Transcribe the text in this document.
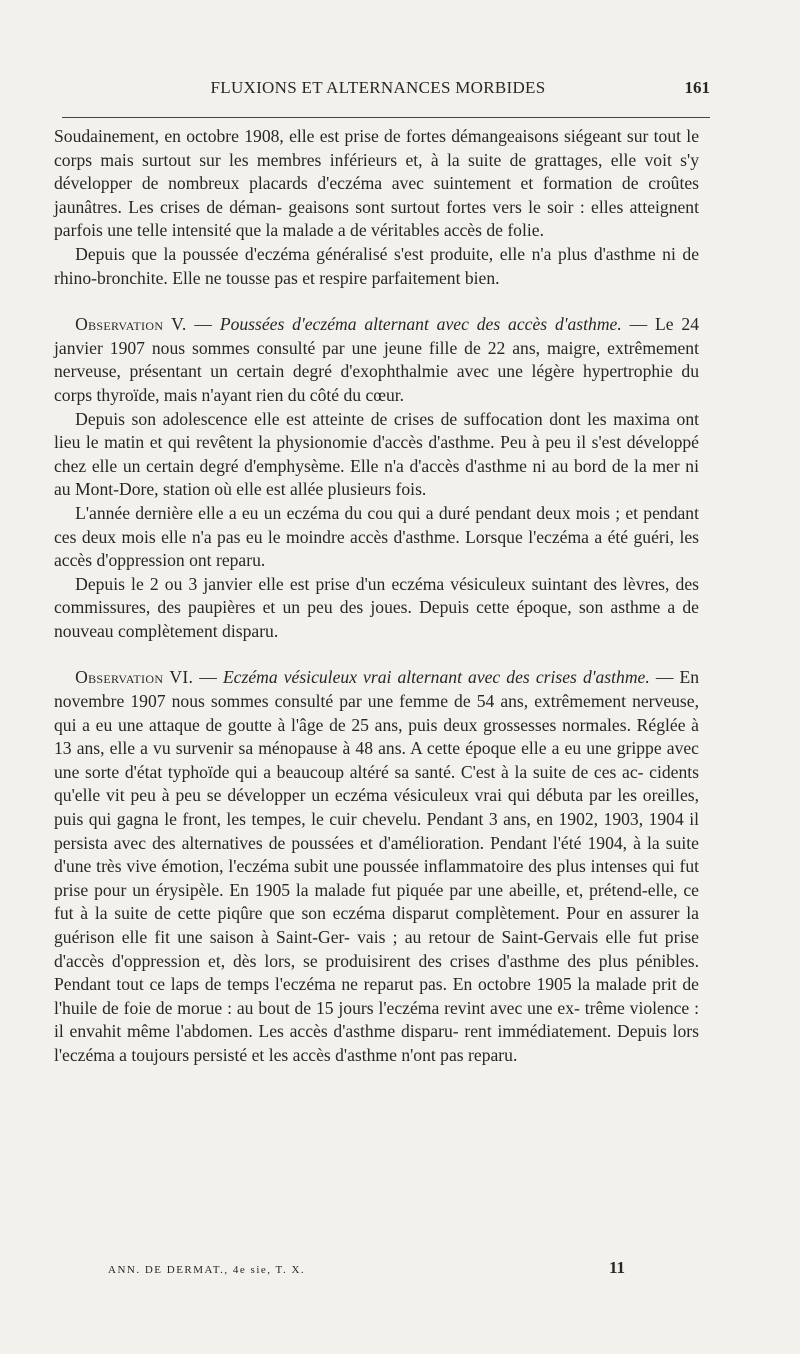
FLUXIONS ET ALTERNANCES MORBIDES	161

Soudainement, en octobre 1908, elle est prise de fortes démangeaisons siégeant sur tout le corps mais surtout sur les membres inférieurs et, à la suite de grattages, elle voit s'y développer de nombreux placards d'eczéma avec suintement et formation de croûtes jaunâtres. Les crises de déman- geaisons sont surtout fortes vers le soir : elles atteignent parfois une telle intensité que la malade a de véritables accès de folie.

Depuis que la poussée d'eczéma généralisé s'est produite, elle n'a plus d'asthme ni de rhino-bronchite. Elle ne tousse pas et respire parfaitement bien.

Observation V. — Poussées d'eczéma alternant avec des accès d'asthme. — Le 24 janvier 1907 nous sommes consulté par une jeune fille de 22 ans, maigre, extrêmement nerveuse, présentant un certain degré d'exophthalmie avec une légère hypertrophie du corps thyroïde, mais n'ayant rien du côté du cœur.

Depuis son adolescence elle est atteinte de crises de suffocation dont les maxima ont lieu le matin et qui revêtent la physionomie d'accès d'asthme. Peu à peu il s'est développé chez elle un certain degré d'emphysème. Elle n'a d'accès d'asthme ni au bord de la mer ni au Mont-Dore, station où elle est allée plusieurs fois.

L'année dernière elle a eu un eczéma du cou qui a duré pendant deux mois ; et pendant ces deux mois elle n'a pas eu le moindre accès d'asthme. Lorsque l'eczéma a été guéri, les accès d'oppression ont reparu.

Depuis le 2 ou 3 janvier elle est prise d'un eczéma vésiculeux suintant des lèvres, des commissures, des paupières et un peu des joues. Depuis cette époque, son asthme a de nouveau complètement disparu.

Observation VI. — Eczéma vésiculeux vrai alternant avec des crises d'asthme. — En novembre 1907 nous sommes consulté par une femme de 54 ans, extrêmement nerveuse, qui a eu une attaque de goutte à l'âge de 25 ans, puis deux grossesses normales. Réglée à 13 ans, elle a vu survenir sa ménopause à 48 ans. A cette époque elle a eu une grippe avec une sorte d'état typhoïde qui a beaucoup altéré sa santé. C'est à la suite de ces ac- cidents qu'elle vit peu à peu se développer un eczéma vésiculeux vrai qui débuta par les oreilles, puis qui gagna le front, les tempes, le cuir chevelu. Pendant 3 ans, en 1902, 1903, 1904 il persista avec des alternatives de poussées et d'amélioration. Pendant l'été 1904, à la suite d'une très vive émotion, l'eczéma subit une poussée inflammatoire des plus intenses qui fut prise pour un érysipèle. En 1905 la malade fut piquée par une abeille, et, prétend-elle, ce fut à la suite de cette piqûre que son eczéma disparut complètement. Pour en assurer la guérison elle fit une saison à Saint-Ger- vais ; au retour de Saint-Gervais elle fut prise d'accès d'oppression et, dès lors, se produisirent des crises d'asthme des plus pénibles. Pendant tout ce laps de temps l'eczéma ne reparut pas. En octobre 1905 la malade prit de l'huile de foie de morue : au bout de 15 jours l'eczéma revint avec une ex- trême violence : il envahit même l'abdomen. Les accès d'asthme disparu- rent immédiatement. Depuis lors l'eczéma a toujours persisté et les accès d'asthme n'ont pas reparu.

ANN. DE DERMAT., 4e sie, T. X.	11
